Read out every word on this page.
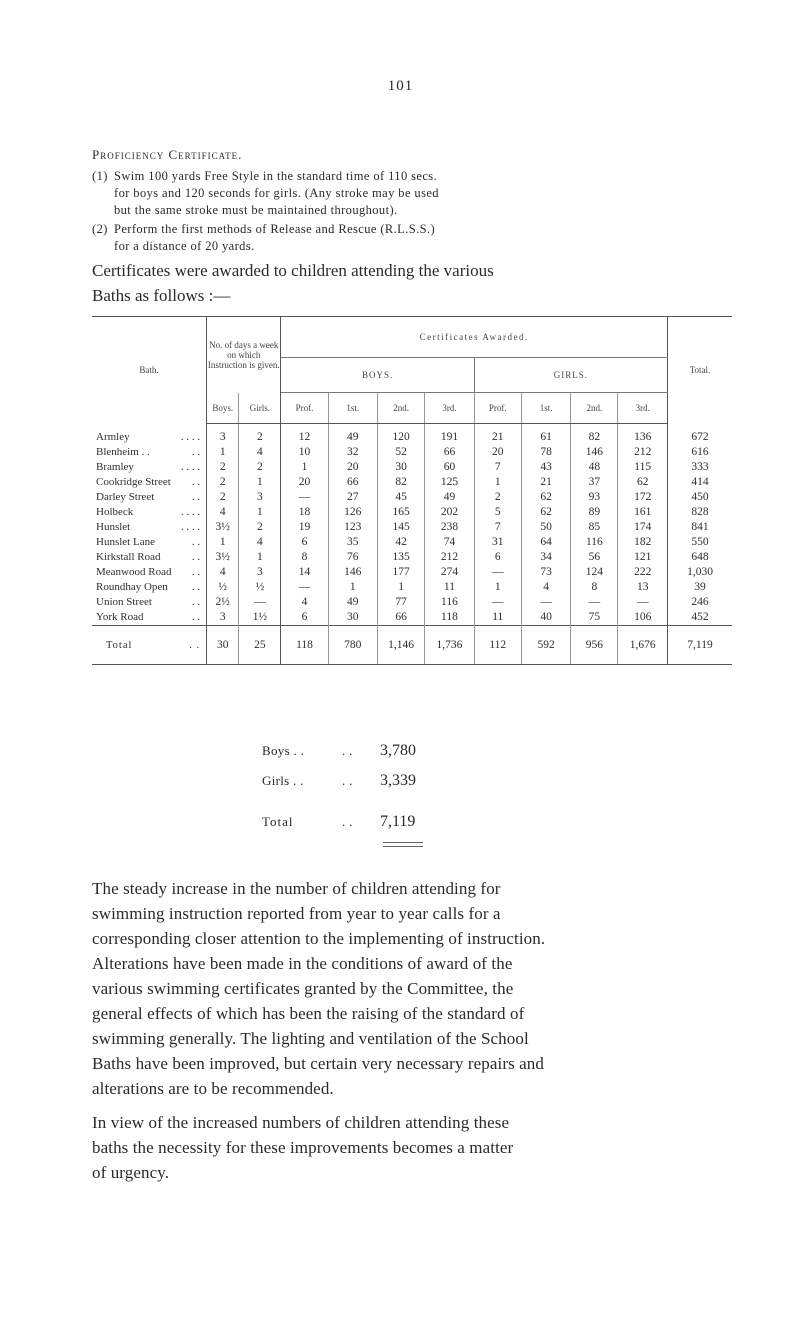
101
Proficiency Certificate.
(1) Swim 100 yards Free Style in the standard time of 110 secs.
for boys and 120 seconds for girls. (Any stroke may be used
but the same stroke must be maintained throughout).
(2) Perform the first methods of Release and Rescue (R.L.S.S.)
for a distance of 20 yards.
Certificates were awarded to children attending the various
Baths as follows :—
Bath.	No. of days a week on which Instruction is given.		Certificates Awarded.								Total.
			BOYS.				GIRLS.				
	Boys.	Girls.	Prof.	1st.	2nd.	3rd.	Prof.	1st.	2nd.	3rd.	

. . . .
Armley	3	2	12	49	120	191	21	61	82	136	672

. .
Blenheim . .	1	4	10	32	52	66	20	78	146	212	616

. . . .
Bramley	2	2	1	20	30	60	7	43	48	115	333

. .
Cookridge Street	2	1	20	66	82	125	1	21	37	62	414

. .
Darley Street	2	3	—	27	45	49	2	62	93	172	450

. . . .
Holbeck	4	1	18	126	165	202	5	62	89	161	828

. . . .
Hunslet	3½	2	19	123	145	238	7	50	85	174	841

. .
Hunslet Lane	1	4	6	35	42	74	31	64	116	182	550

. .
Kirkstall Road	3½	1	8	76	135	212	6	34	56	121	648

. .
Meanwood Road	4	3	14	146	177	274	—	73	124	222	1,030

. .
Roundhay Open	½	½	—	1	1	11	1	4	8	13	39

. .
Union Street	2½	—	4	49	77	116	—	—	—	—	246

. .
York Road	3	1½	6	30	66	118	11	40	75	106	452
Total . .	30	25	118	780	1,146	1,736	112	592	956	1,676	7,119
Boys . .	. . 3,780
Girls . .	. . 3,339
Total	. . 7,119
The steady increase in the number of children attending for
swimming instruction reported from year to year calls for a
corresponding closer attention to the implementing of instruction.
Alterations have been made in the conditions of award of the
various swimming certificates granted by the Committee, the
general effects of which has been the raising of the standard of
swimming generally. The lighting and ventilation of the School
Baths have been improved, but certain very necessary repairs and
alterations are to be recommended.
In view of the increased numbers of children attending these
baths the necessity for these improvements becomes a matter
of urgency.
